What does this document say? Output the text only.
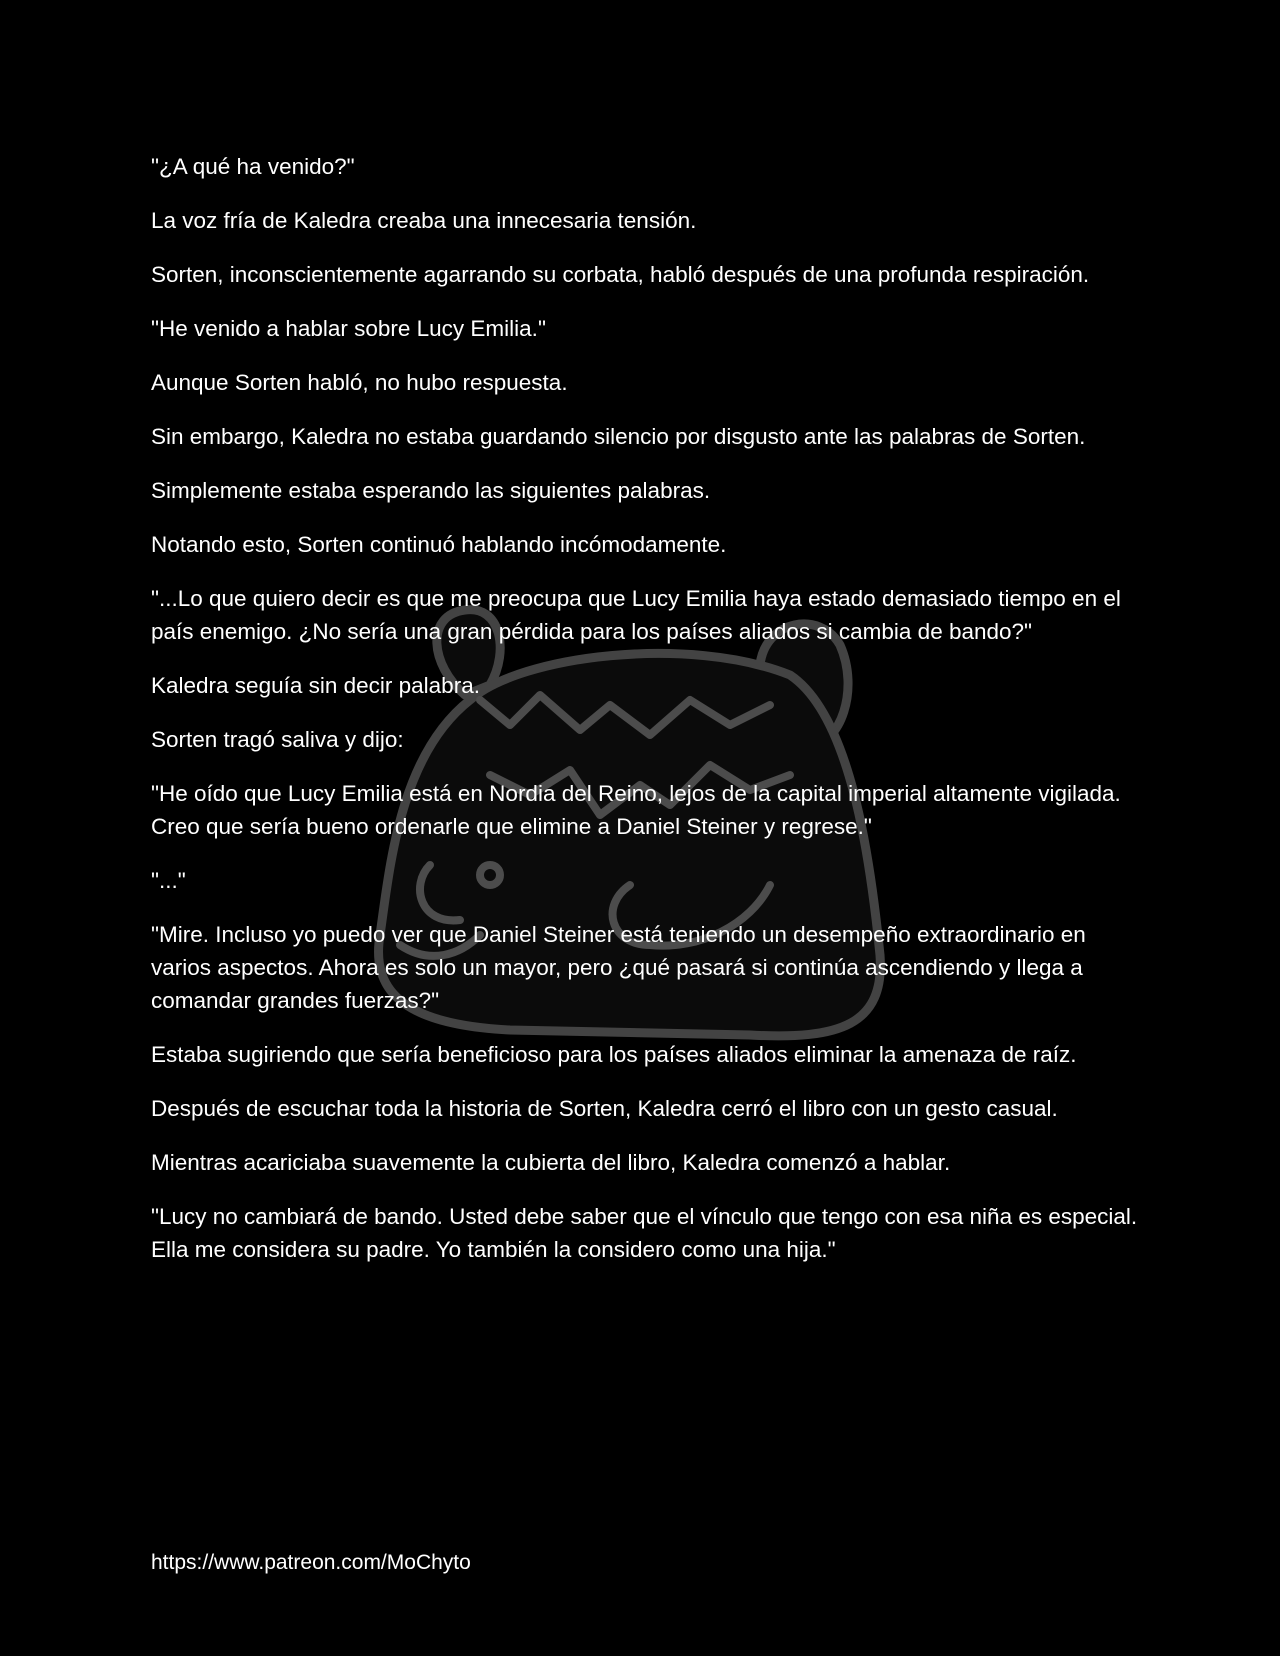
"¿A qué ha venido?"

La voz fría de Kaledra creaba una innecesaria tensión.

Sorten, inconscientemente agarrando su corbata, habló después de una profunda respiración.

"He venido a hablar sobre Lucy Emilia."

Aunque Sorten habló, no hubo respuesta.

Sin embargo, Kaledra no estaba guardando silencio por disgusto ante las palabras de Sorten.

Simplemente estaba esperando las siguientes palabras.

Notando esto, Sorten continuó hablando incómodamente.

"...Lo que quiero decir es que me preocupa que Lucy Emilia haya estado demasiado tiempo en el país enemigo. ¿No sería una gran pérdida para los países aliados si cambia de bando?"

Kaledra seguía sin decir palabra.

Sorten tragó saliva y dijo:

"He oído que Lucy Emilia está en Nordia del Reino, lejos de la capital imperial altamente vigilada. Creo que sería bueno ordenarle que elimine a Daniel Steiner y regrese."

"..."

"Mire. Incluso yo puedo ver que Daniel Steiner está teniendo un desempeño extraordinario en varios aspectos. Ahora es solo un mayor, pero ¿qué pasará si continúa ascendiendo y llega a comandar grandes fuerzas?"

Estaba sugiriendo que sería beneficioso para los países aliados eliminar la amenaza de raíz.

Después de escuchar toda la historia de Sorten, Kaledra cerró el libro con un gesto casual.

Mientras acariciaba suavemente la cubierta del libro, Kaledra comenzó a hablar.

"Lucy no cambiará de bando. Usted debe saber que el vínculo que tengo con esa niña es especial. Ella me considera su padre. Yo también la considero como una hija."

https://www.patreon.com/MoChyto
